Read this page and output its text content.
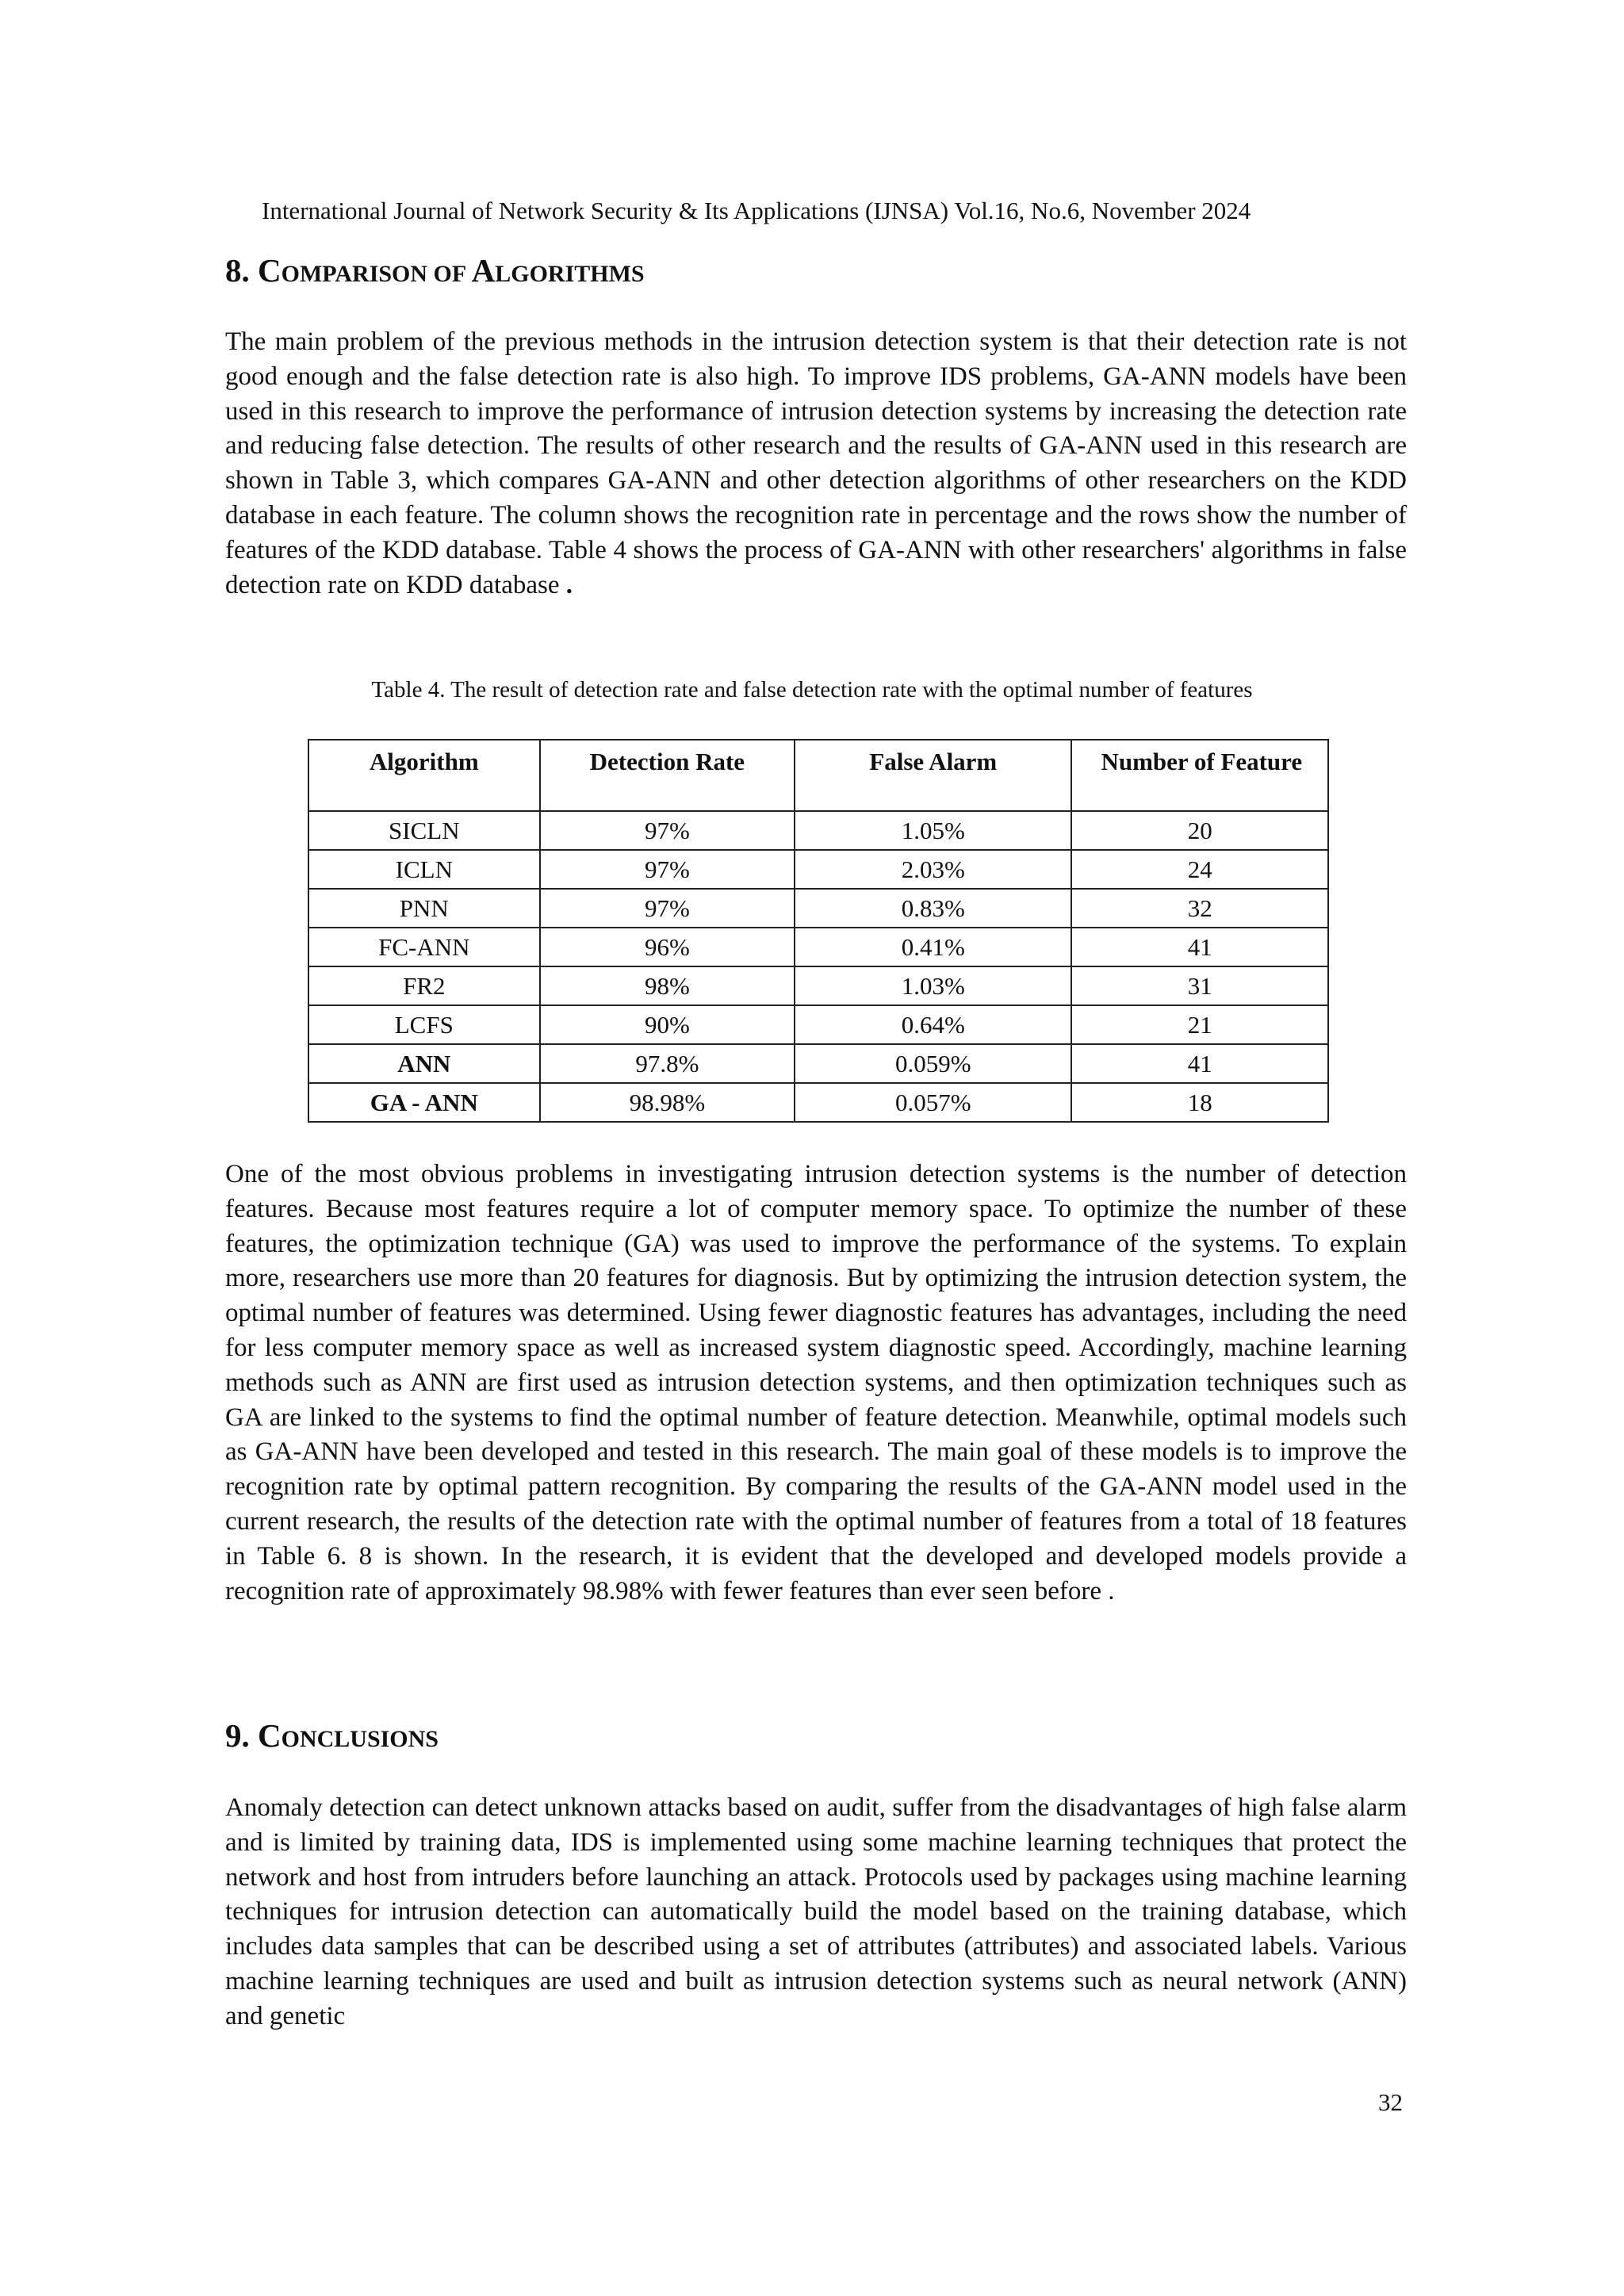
International Journal of Network Security & Its Applications (IJNSA) Vol.16, No.6, November 2024
8. COMPARISON OF ALGORITHMS

The main problem of the previous methods in the intrusion detection system is that their detection rate is not good enough and the false detection rate is also high. To improve IDS problems, GA-ANN models have been used in this research to improve the performance of intrusion detection systems by increasing the detection rate and reducing false detection. The results of other research and the results of GA-ANN used in this research are shown in Table 3, which compares GA-ANN and other detection algorithms of other researchers on the KDD database in each feature. The column shows the recognition rate in percentage and the rows show the number of features of the KDD database. Table 4 shows the process of GA-ANN with other researchers' algorithms in false detection rate on KDD database .

Table 4. The result of detection rate and false detection rate with the optimal number of features
Algorithm	Detection Rate	False Alarm	Number of Feature
SICLN	97%	1.05%	20
ICLN	97%	2.03%	24
PNN	97%	0.83%	32
FC-ANN	96%	0.41%	41
FR2	98%	1.03%	31
LCFS	90%	0.64%	21
ANN	97.8%	0.059%	41
GA - ANN	98.98%	0.057%	18

One of the most obvious problems in investigating intrusion detection systems is the number of detection features. Because most features require a lot of computer memory space. To optimize the number of these features, the optimization technique (GA) was used to improve the performance of the systems. To explain more, researchers use more than 20 features for diagnosis. But by optimizing the intrusion detection system, the optimal number of features was determined. Using fewer diagnostic features has advantages, including the need for less computer memory space as well as increased system diagnostic speed. Accordingly, machine learning methods such as ANN are first used as intrusion detection systems, and then optimization techniques such as GA are linked to the systems to find the optimal number of feature detection. Meanwhile, optimal models such as GA-ANN have been developed and tested in this research. The main goal of these models is to improve the recognition rate by optimal pattern recognition. By comparing the results of the GA-ANN model used in the current research, the results of the detection rate with the optimal number of features from a total of 18 features in Table 6. 8 is shown. In the research, it is evident that the developed and developed models provide a recognition rate of approximately 98.98% with fewer features than ever seen before .

9. CONCLUSIONS

Anomaly detection can detect unknown attacks based on audit, suffer from the disadvantages of high false alarm and is limited by training data, IDS is implemented using some machine learning techniques that protect the network and host from intruders before launching an attack. Protocols used by packages using machine learning techniques for intrusion detection can automatically build the model based on the training database, which includes data samples that can be described using a set of attributes (attributes) and associated labels. Various machine learning techniques are used and built as intrusion detection systems such as neural network (ANN) and genetic

32
